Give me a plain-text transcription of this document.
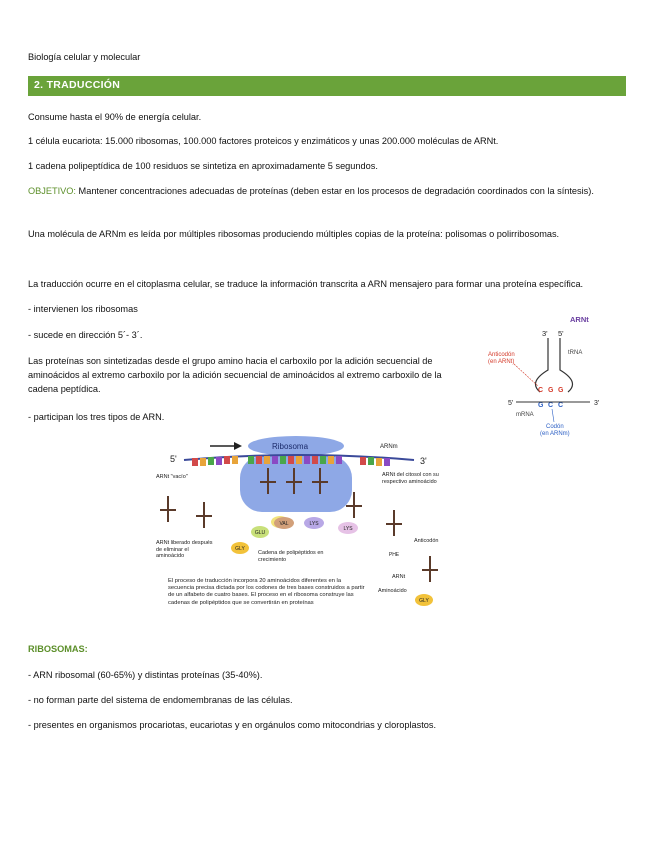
Biología celular y molecular
2. TRADUCCIÓN
Consume hasta el 90% de energía celular.
1 célula eucariota: 15.000 ribosomas, 100.000 factores proteicos y enzimáticos y unas 200.000 moléculas de ARNt.
1 cadena polipeptídica de 100 residuos se sintetiza en aproximadamente 5 segundos.
OBJETIVO: Mantener concentraciones adecuadas de proteínas (deben estar en los procesos de degradación coordinados con la síntesis).
Una molécula de ARNm es leída por múltiples ribosomas produciendo múltiples copias de la proteína: polisomas o polirribosomas.
La traducción ocurre en el citoplasma celular, se traduce la información transcrita a ARN mensajero para formar una proteína específica.
- intervienen los ribosomas
- sucede en dirección 5´- 3´.
Las proteínas son sintetizadas desde el grupo amino hacia el carboxilo por la adición secuencial de aminoácidos al extremo carboxilo por la adición secuencial de aminoácidos al extremo carboxilo de la cadena peptídica.
- participan los tres tipos de ARN.
ARNt
3' 5'
tRNA
Anticodón
(en ARNt)
C G G
G C C
5'	3'
mRNA
Codón
(en ARNm)
Ribosoma
5'	3'
ARNm
GLY
GLU
VAL	LYS
LYS
PHE
GLY
ARNt "vacío"
ARNt liberado después de eliminar el aminoácido
ARNt del citosol con su respectivo aminoácido
Anticodón
ARNt
Aminoácido
Cadena de polipéptidos en crecimiento
El proceso de traducción incorpora 20 aminoácidos diferentes en la secuencia precisa dictada por los codones de tres bases construidos a partir de un alfabeto de cuatro bases. El proceso en el ribosoma construye las cadenas de polipéptidos que se convertirán en proteínas
RIBOSOMAS:
- ARN ribosomal (60-65%) y distintas proteínas (35-40%).
- no forman parte del sistema de endomembranas de las células.
- presentes en organismos procariotas, eucariotas y en orgánulos como mitocondrias y cloroplastos.
